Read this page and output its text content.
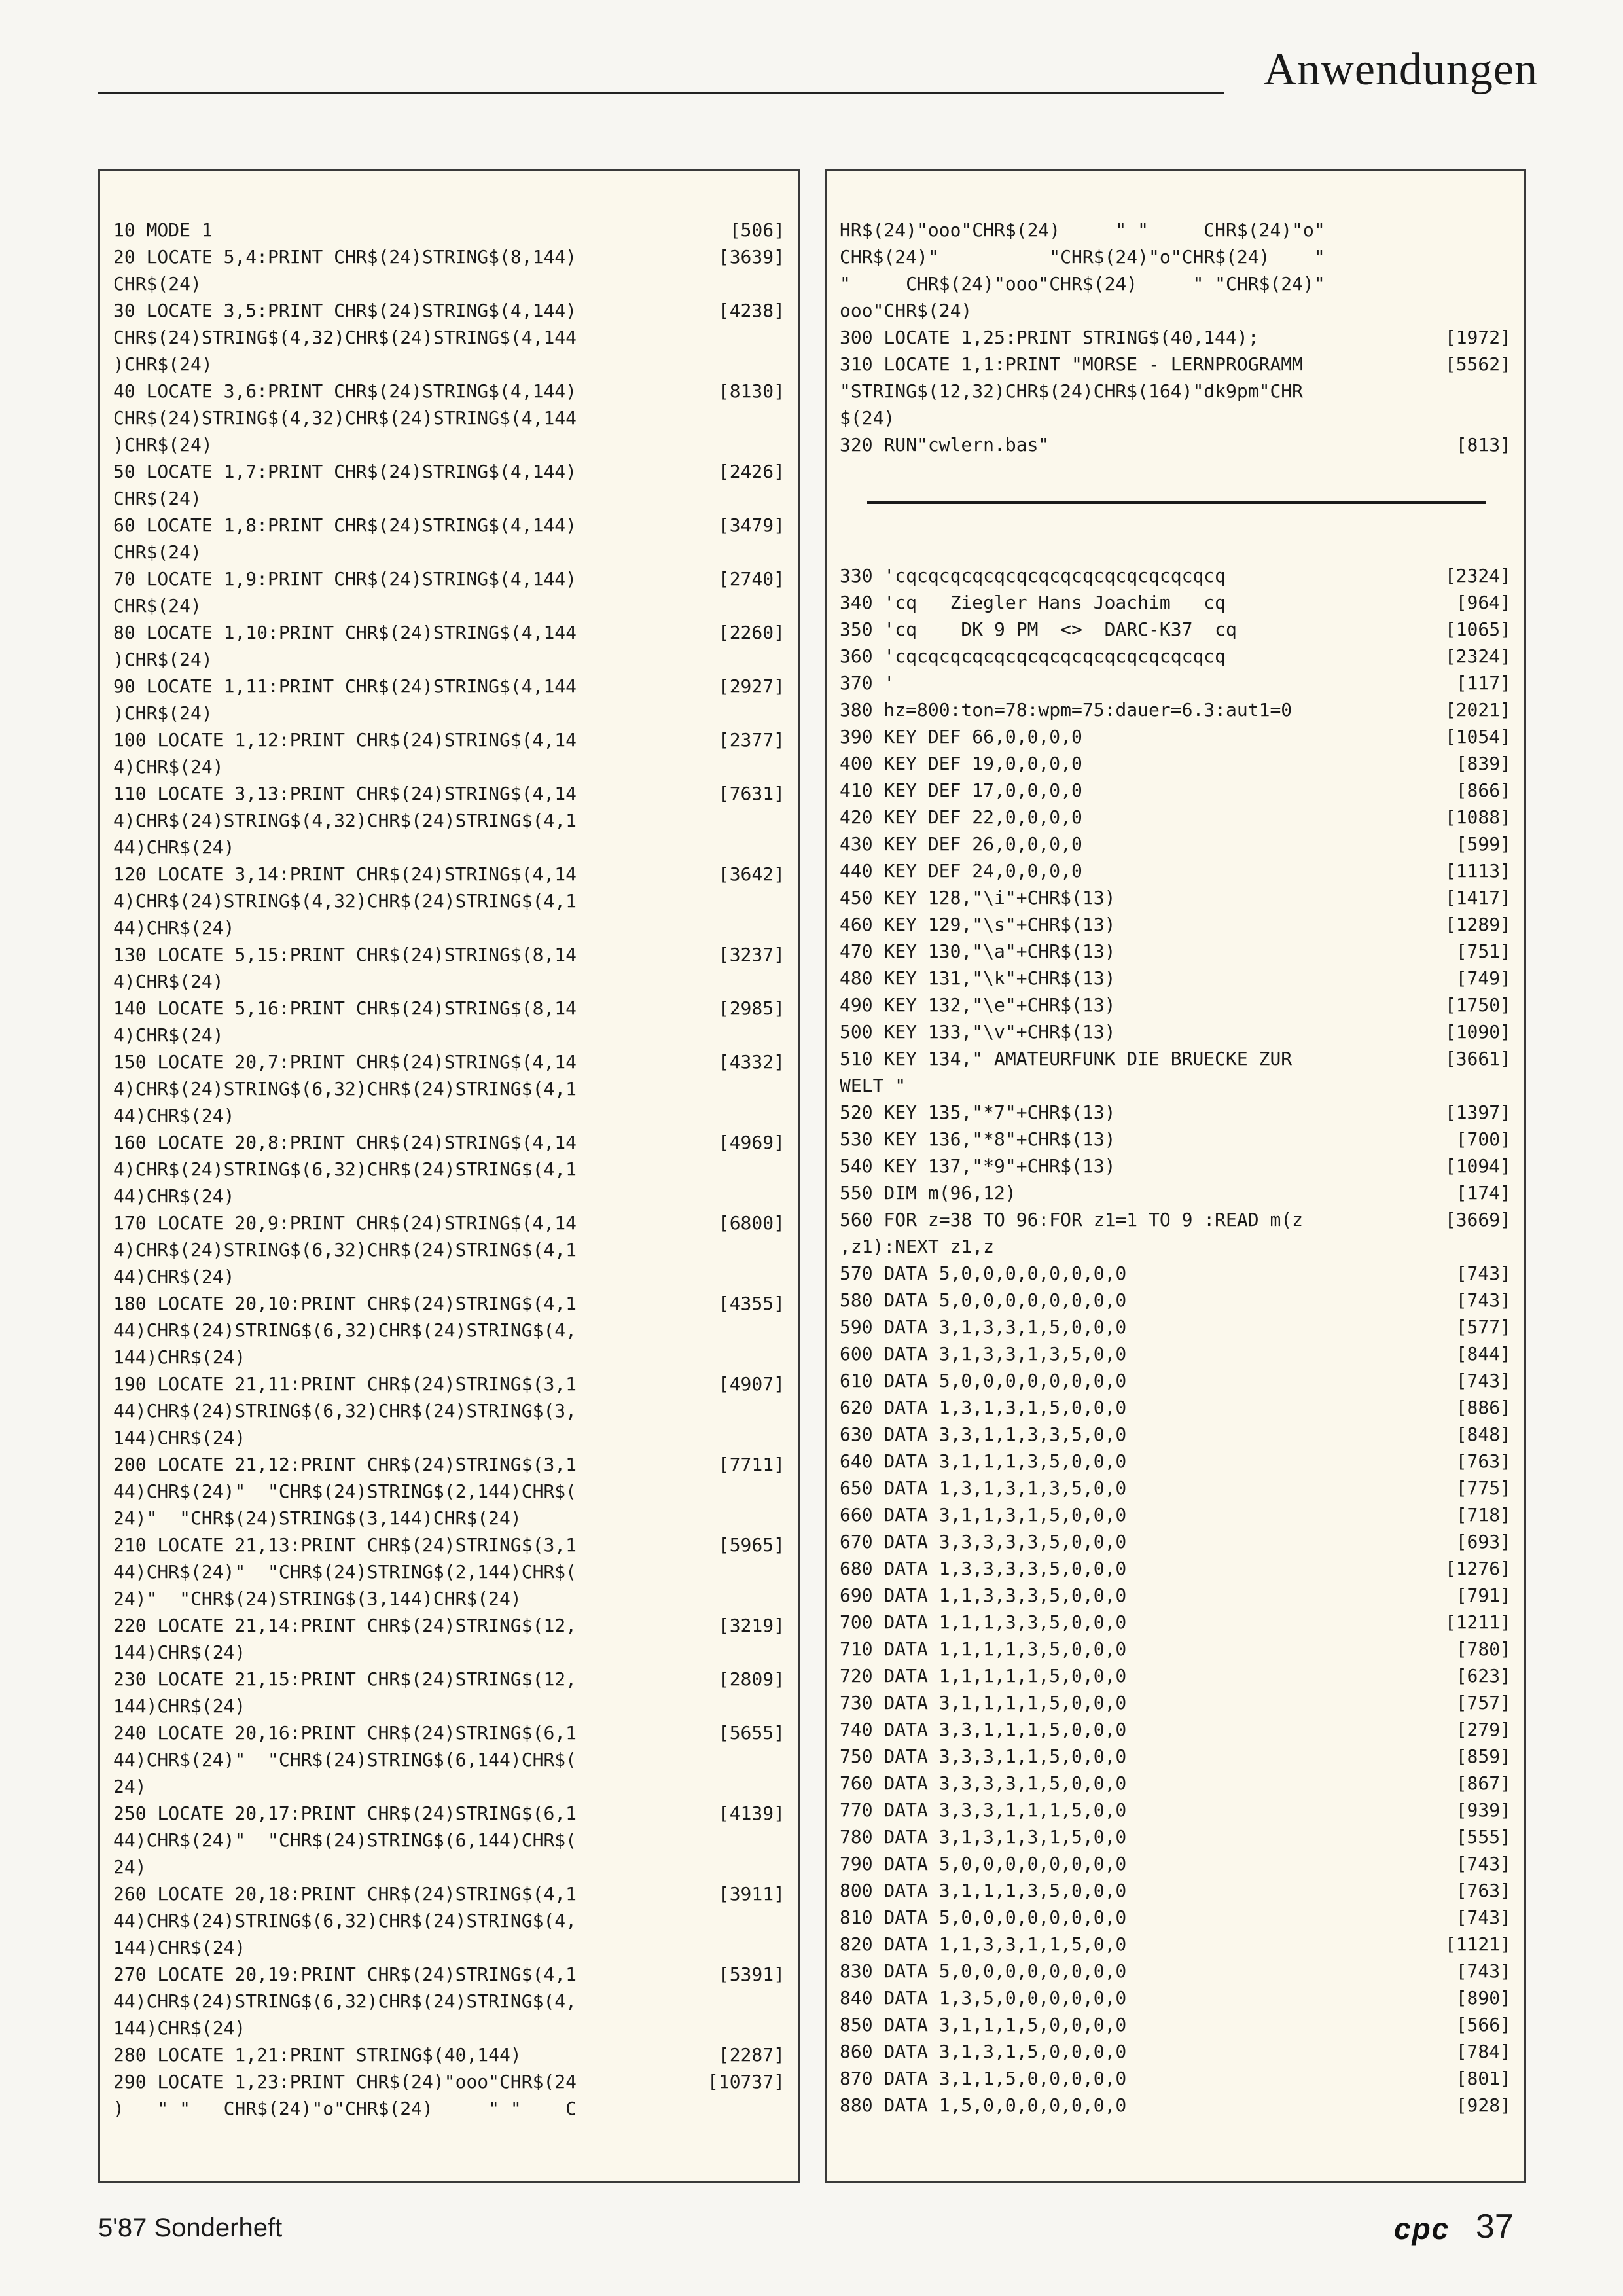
Anwendungen
10 MODE 1	[506]
20 LOCATE 5,4:PRINT CHR$(24)STRING$(8,144)	[3639]
CHR$(24)
30 LOCATE 3,5:PRINT CHR$(24)STRING$(4,144)	[4238]
CHR$(24)STRING$(4,32)CHR$(24)STRING$(4,144
)CHR$(24)
40 LOCATE 3,6:PRINT CHR$(24)STRING$(4,144)	[8130]
CHR$(24)STRING$(4,32)CHR$(24)STRING$(4,144
)CHR$(24)
50 LOCATE 1,7:PRINT CHR$(24)STRING$(4,144)	[2426]
CHR$(24)
60 LOCATE 1,8:PRINT CHR$(24)STRING$(4,144)	[3479]
CHR$(24)
70 LOCATE 1,9:PRINT CHR$(24)STRING$(4,144)	[2740]
CHR$(24)
80 LOCATE 1,10:PRINT CHR$(24)STRING$(4,144	[2260]
)CHR$(24)
90 LOCATE 1,11:PRINT CHR$(24)STRING$(4,144	[2927]
)CHR$(24)
100 LOCATE 1,12:PRINT CHR$(24)STRING$(4,14	[2377]
4)CHR$(24)
110 LOCATE 3,13:PRINT CHR$(24)STRING$(4,14	[7631]
4)CHR$(24)STRING$(4,32)CHR$(24)STRING$(4,1
44)CHR$(24)
120 LOCATE 3,14:PRINT CHR$(24)STRING$(4,14	[3642]
4)CHR$(24)STRING$(4,32)CHR$(24)STRING$(4,1
44)CHR$(24)
130 LOCATE 5,15:PRINT CHR$(24)STRING$(8,14	[3237]
4)CHR$(24)
140 LOCATE 5,16:PRINT CHR$(24)STRING$(8,14	[2985]
4)CHR$(24)
150 LOCATE 20,7:PRINT CHR$(24)STRING$(4,14	[4332]
4)CHR$(24)STRING$(6,32)CHR$(24)STRING$(4,1
44)CHR$(24)
160 LOCATE 20,8:PRINT CHR$(24)STRING$(4,14	[4969]
4)CHR$(24)STRING$(6,32)CHR$(24)STRING$(4,1
44)CHR$(24)
170 LOCATE 20,9:PRINT CHR$(24)STRING$(4,14	[6800]
4)CHR$(24)STRING$(6,32)CHR$(24)STRING$(4,1
44)CHR$(24)
180 LOCATE 20,10:PRINT CHR$(24)STRING$(4,1	[4355]
44)CHR$(24)STRING$(6,32)CHR$(24)STRING$(4,
144)CHR$(24)
190 LOCATE 21,11:PRINT CHR$(24)STRING$(3,1	[4907]
44)CHR$(24)STRING$(6,32)CHR$(24)STRING$(3,
144)CHR$(24)
200 LOCATE 21,12:PRINT CHR$(24)STRING$(3,1	[7711]
44)CHR$(24)"  "CHR$(24)STRING$(2,144)CHR$(
24)"  "CHR$(24)STRING$(3,144)CHR$(24)
210 LOCATE 21,13:PRINT CHR$(24)STRING$(3,1	[5965]
44)CHR$(24)"  "CHR$(24)STRING$(2,144)CHR$(
24)"  "CHR$(24)STRING$(3,144)CHR$(24)
220 LOCATE 21,14:PRINT CHR$(24)STRING$(12,	[3219]
144)CHR$(24)
230 LOCATE 21,15:PRINT CHR$(24)STRING$(12,	[2809]
144)CHR$(24)
240 LOCATE 20,16:PRINT CHR$(24)STRING$(6,1	[5655]
44)CHR$(24)"  "CHR$(24)STRING$(6,144)CHR$(
24)
250 LOCATE 20,17:PRINT CHR$(24)STRING$(6,1	[4139]
44)CHR$(24)"  "CHR$(24)STRING$(6,144)CHR$(
24)
260 LOCATE 20,18:PRINT CHR$(24)STRING$(4,1	[3911]
44)CHR$(24)STRING$(6,32)CHR$(24)STRING$(4,
144)CHR$(24)
270 LOCATE 20,19:PRINT CHR$(24)STRING$(4,1	[5391]
44)CHR$(24)STRING$(6,32)CHR$(24)STRING$(4,
144)CHR$(24)
280 LOCATE 1,21:PRINT STRING$(40,144)	[2287]
290 LOCATE 1,23:PRINT CHR$(24)"ooo"CHR$(24	[10737]
)   " "   CHR$(24)"o"CHR$(24)     " "    C
HR$(24)"ooo"CHR$(24)     " "     CHR$(24)"o"
CHR$(24)"          "CHR$(24)"o"CHR$(24)    "
"     CHR$(24)"ooo"CHR$(24)     " "CHR$(24)"
ooo"CHR$(24)
300 LOCATE 1,25:PRINT STRING$(40,144);	[1972]
310 LOCATE 1,1:PRINT "MORSE - LERNPROGRAMM	[5562]
"STRING$(12,32)CHR$(24)CHR$(164)"dk9pm"CHR
$(24)
320 RUN"cwlern.bas"	[813]
330 'cqcqcqcqcqcqcqcqcqcqcqcqcqcqcq	[2324]
340 'cq   Ziegler Hans Joachim   cq	[964]
350 'cq    DK 9 PM  <>  DARC-K37  cq	[1065]
360 'cqcqcqcqcqcqcqcqcqcqcqcqcqcqcq	[2324]
370 '	[117]
380 hz=800:ton=78:wpm=75:dauer=6.3:aut1=0	[2021]
390 KEY DEF 66,0,0,0,0	[1054]
400 KEY DEF 19,0,0,0,0	[839]
410 KEY DEF 17,0,0,0,0	[866]
420 KEY DEF 22,0,0,0,0	[1088]
430 KEY DEF 26,0,0,0,0	[599]
440 KEY DEF 24,0,0,0,0	[1113]
450 KEY 128,"\i"+CHR$(13)	[1417]
460 KEY 129,"\s"+CHR$(13)	[1289]
470 KEY 130,"\a"+CHR$(13)	[751]
480 KEY 131,"\k"+CHR$(13)	[749]
490 KEY 132,"\e"+CHR$(13)	[1750]
500 KEY 133,"\v"+CHR$(13)	[1090]
510 KEY 134," AMATEURFUNK DIE BRUECKE ZUR	[3661]
WELT "
520 KEY 135,"*7"+CHR$(13)	[1397]
530 KEY 136,"*8"+CHR$(13)	[700]
540 KEY 137,"*9"+CHR$(13)	[1094]
550 DIM m(96,12)	[174]
560 FOR z=38 TO 96:FOR z1=1 TO 9 :READ m(z	[3669]
,z1):NEXT z1,z
570 DATA 5,0,0,0,0,0,0,0,0	[743]
580 DATA 5,0,0,0,0,0,0,0,0	[743]
590 DATA 3,1,3,3,1,5,0,0,0	[577]
600 DATA 3,1,3,3,1,3,5,0,0	[844]
610 DATA 5,0,0,0,0,0,0,0,0	[743]
620 DATA 1,3,1,3,1,5,0,0,0	[886]
630 DATA 3,3,1,1,3,3,5,0,0	[848]
640 DATA 3,1,1,1,3,5,0,0,0	[763]
650 DATA 1,3,1,3,1,3,5,0,0	[775]
660 DATA 3,1,1,3,1,5,0,0,0	[718]
670 DATA 3,3,3,3,3,5,0,0,0	[693]
680 DATA 1,3,3,3,3,5,0,0,0	[1276]
690 DATA 1,1,3,3,3,5,0,0,0	[791]
700 DATA 1,1,1,3,3,5,0,0,0	[1211]
710 DATA 1,1,1,1,3,5,0,0,0	[780]
720 DATA 1,1,1,1,1,5,0,0,0	[623]
730 DATA 3,1,1,1,1,5,0,0,0	[757]
740 DATA 3,3,1,1,1,5,0,0,0	[279]
750 DATA 3,3,3,1,1,5,0,0,0	[859]
760 DATA 3,3,3,3,1,5,0,0,0	[867]
770 DATA 3,3,3,1,1,1,5,0,0	[939]
780 DATA 3,1,3,1,3,1,5,0,0	[555]
790 DATA 5,0,0,0,0,0,0,0,0	[743]
800 DATA 3,1,1,1,3,5,0,0,0	[763]
810 DATA 5,0,0,0,0,0,0,0,0	[743]
820 DATA 1,1,3,3,1,1,5,0,0	[1121]
830 DATA 5,0,0,0,0,0,0,0,0	[743]
840 DATA 1,3,5,0,0,0,0,0,0	[890]
850 DATA 3,1,1,1,5,0,0,0,0	[566]
860 DATA 3,1,3,1,5,0,0,0,0	[784]
870 DATA 3,1,1,5,0,0,0,0,0	[801]
880 DATA 1,5,0,0,0,0,0,0,0	[928]
5'87 Sonderheft	cpc 37
